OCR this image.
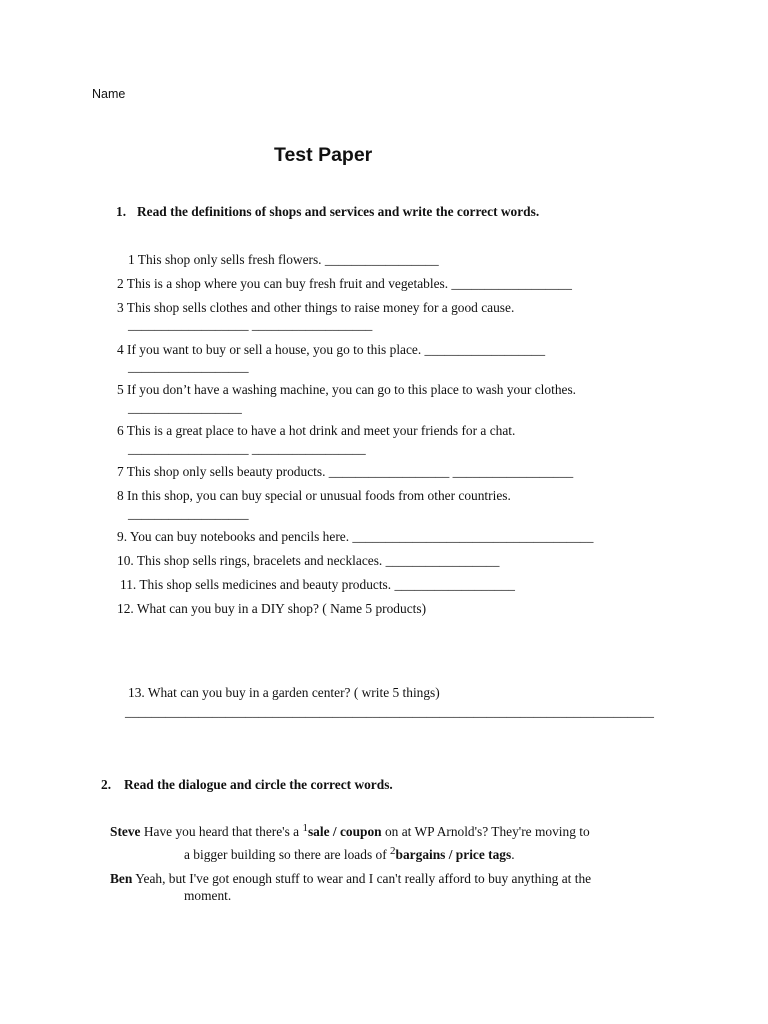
Name
Test Paper
1. Read the definitions of shops and services and write the correct words.
1 This shop only sells fresh flowers. _________________
2 This is a shop where you can buy fresh fruit and vegetables. __________________
3 This shop sells clothes and other things to raise money for a good cause.
__________________ __________________
4 If you want to buy or sell a house, you go to this place. __________________
__________________
5 If you don’t have a washing machine, you can go to this place to wash your clothes.
_________________
6 This is a great place to have a hot drink and meet your friends for a chat.
__________________ _________________
7 This shop only sells beauty products. __________________ __________________
8 In this shop, you can buy special or unusual foods from other countries.
__________________
9. You can buy notebooks and pencils here. ____________________________________
10. This shop sells rings, bracelets and necklaces. _________________
11. This shop sells medicines and beauty products. __________________
12. What can you buy in a DIY shop? ( Name 5 products)
13. What can you buy in a garden center? ( write 5 things)
_______________________________________________________________________________
2. Read the dialogue and circle the correct words.
Steve Have you heard that there's a $^1$sale / coupon on at WP Arnold's? They're moving to
a bigger building so there are loads of $^2$bargains / price tags.
Ben Yeah, but I've got enough stuff to wear and I can't really afford to buy anything at the
moment.
